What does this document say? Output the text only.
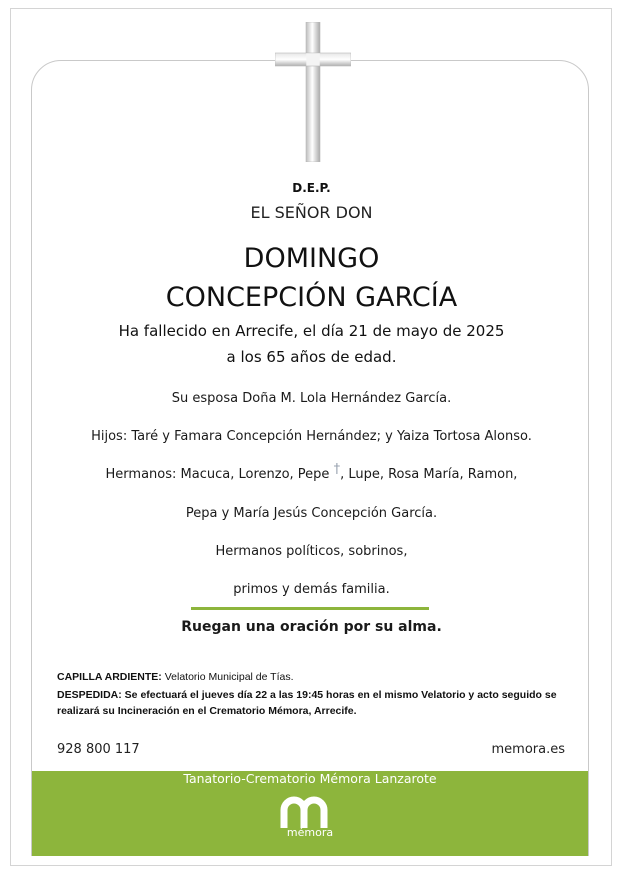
D.E.P.
EL SEÑOR DON
DOMINGO
CONCEPCIÓN GARCÍA
Ha fallecido en Arrecife, el día 21 de mayo de 2025
a los 65 años de edad.
Su esposa Doña M. Lola Hernández García.
Hijos: Taré y Famara Concepción Hernández; y Yaiza Tortosa Alonso.
Hermanos: Macuca, Lorenzo, Pepe †, Lupe, Rosa María, Ramon,
Pepa y María Jesús Concepción García.
Hermanos políticos, sobrinos,
primos y demás familia.
Ruegan una oración por su alma.
CAPILLA ARDIENTE: Velatorio Municipal de Tías.
DESPEDIDA: Se efectuará el jueves día 22 a las 19:45 horas en el mismo Velatorio y acto seguido se realizará su Incineración en el Crematorio Mémora, Arrecife.
928 800 117	memora.es
Tanatorio-Crematorio Mémora Lanzarote
mémora
